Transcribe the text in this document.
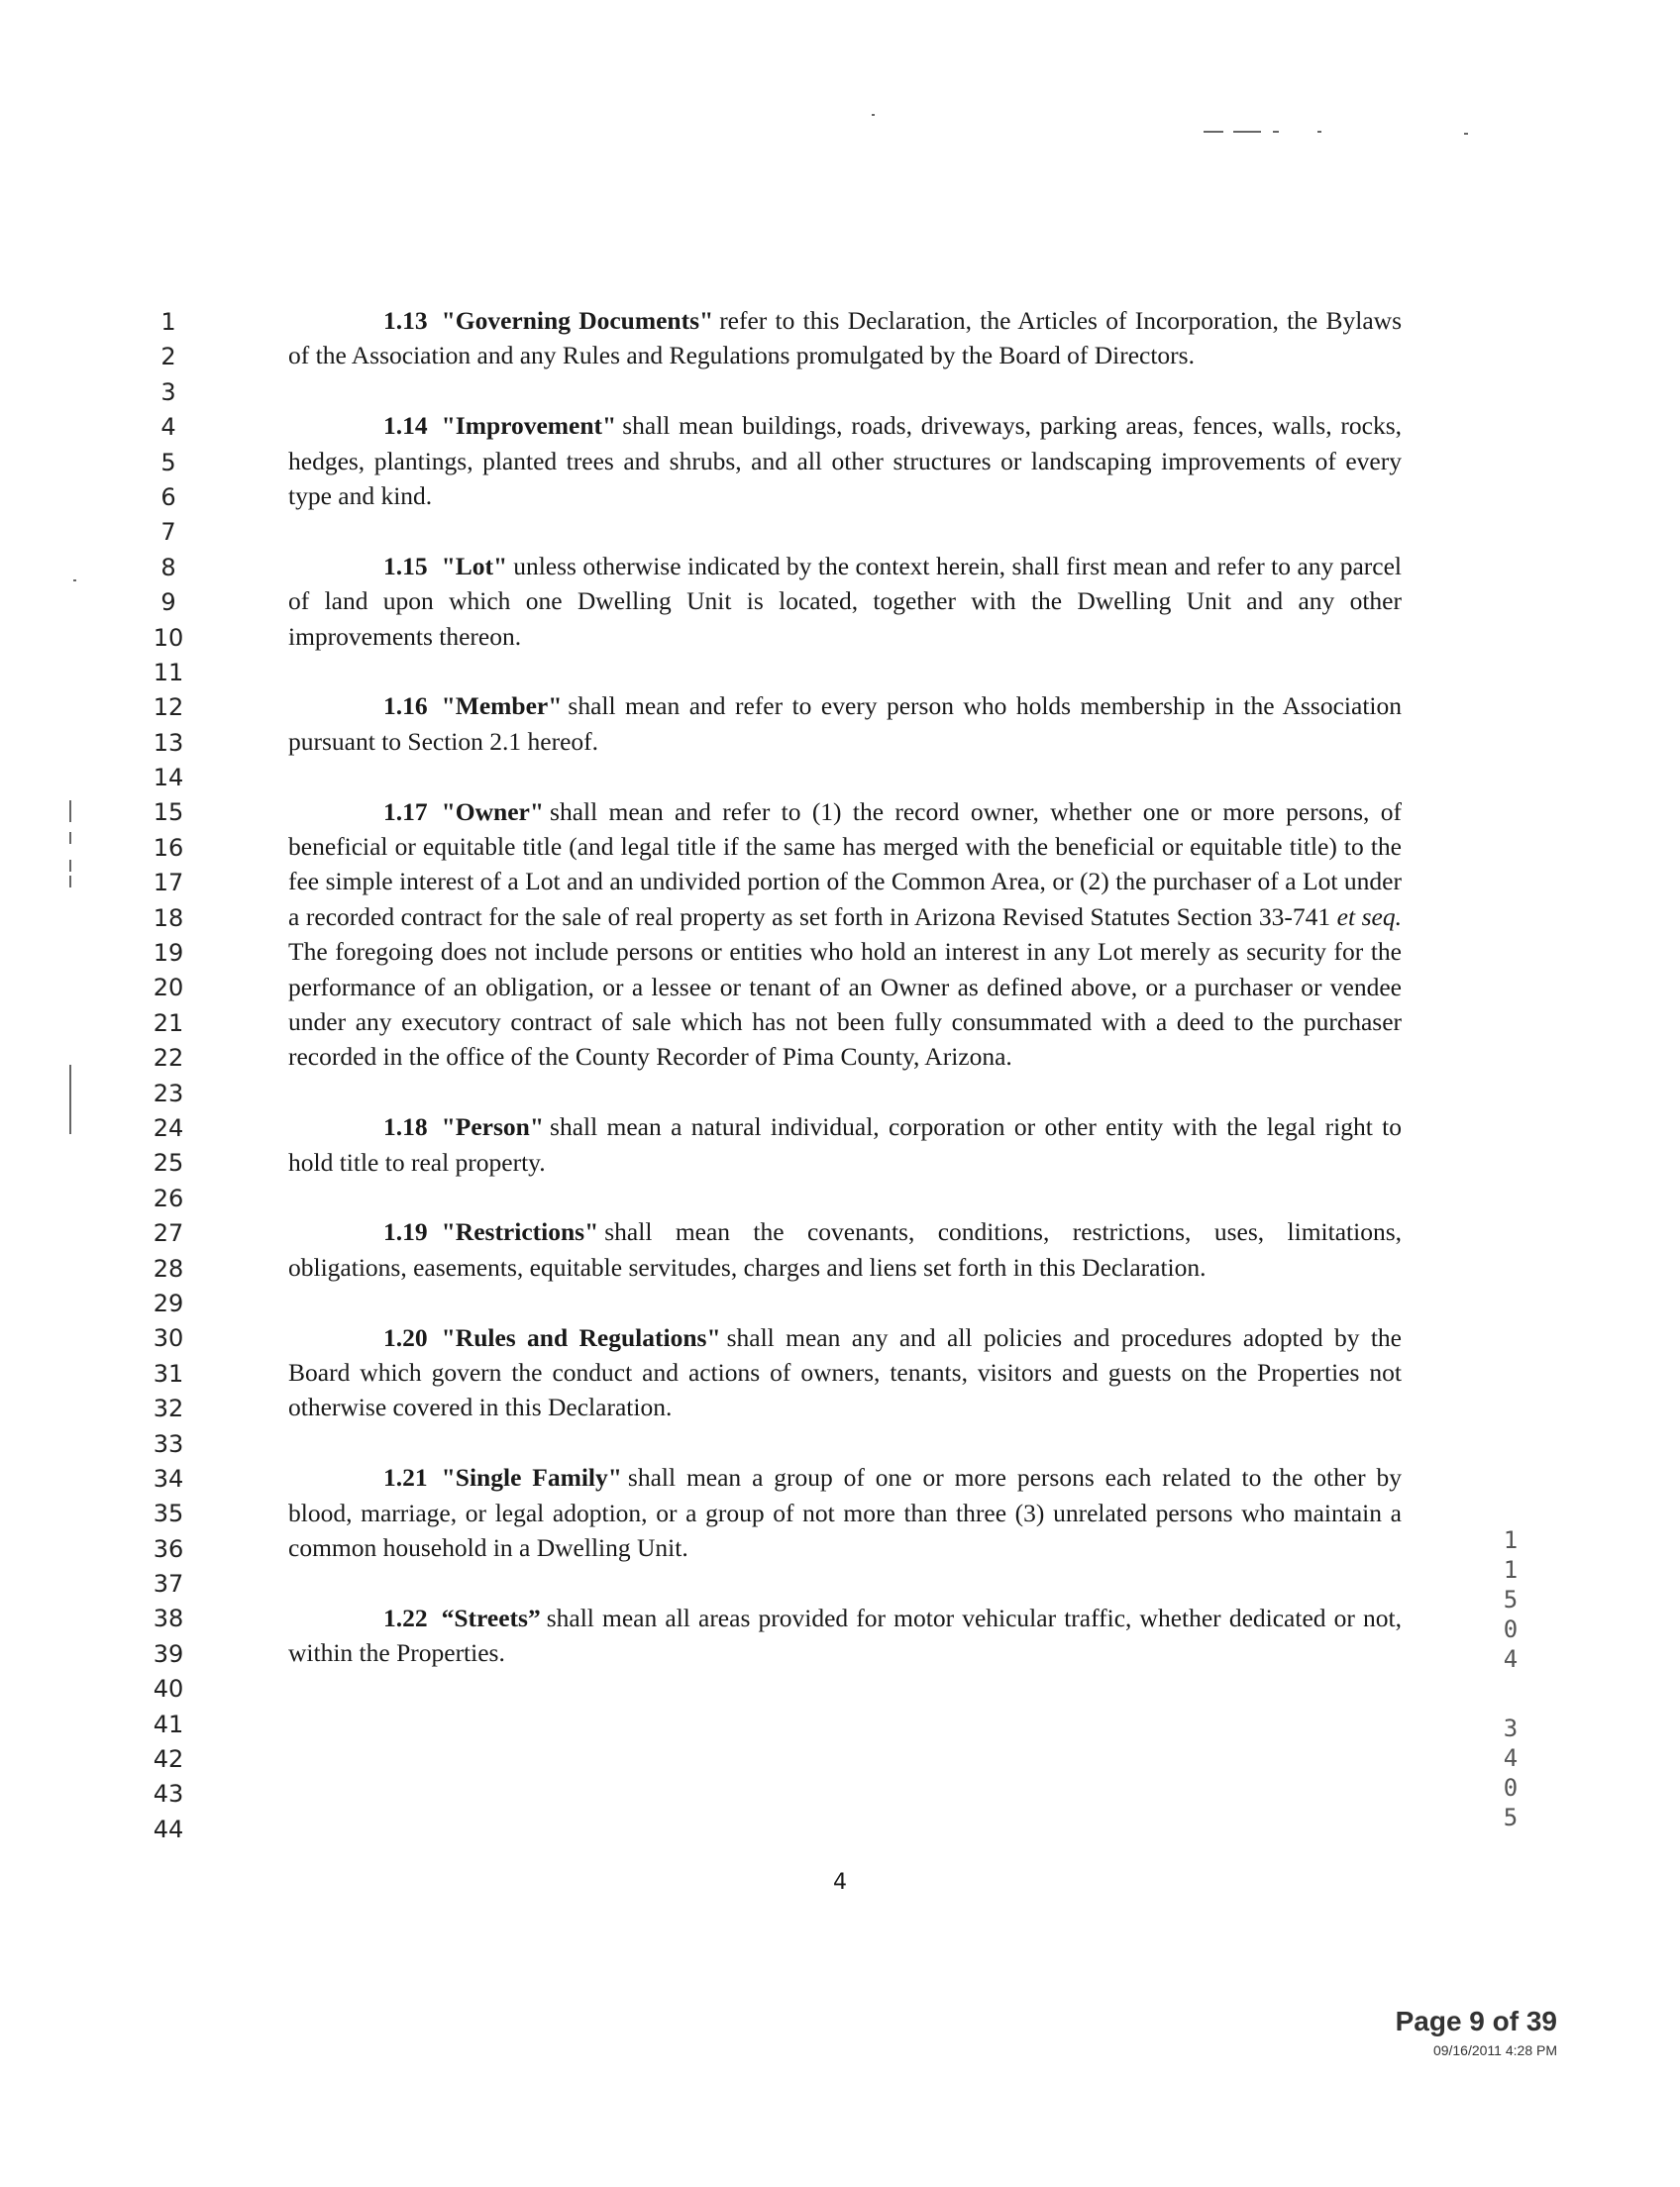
1
2
3
4
5
6
7
8
9
10
11
12
13
14
15
16
17
18
19
20
21
22
23
24
25
26
27
28
29
30
31
32
33
34
35
36
37
38
39
40
41
42
43
44

1.13 "Governing Documents" refer to this Declaration, the Articles of Incorporation, the Bylaws of the Association and any Rules and Regulations promulgated by the Board of Directors.

1.14 "Improvement" shall mean buildings, roads, driveways, parking areas, fences, walls, rocks, hedges, plantings, planted trees and shrubs, and all other structures or landscaping improvements of every type and kind.

1.15 "Lot" unless otherwise indicated by the context herein, shall first mean and refer to any parcel of land upon which one Dwelling Unit is located, together with the Dwelling Unit and any other improvements thereon.

1.16 "Member" shall mean and refer to every person who holds membership in the Association pursuant to Section 2.1 hereof.

1.17 "Owner" shall mean and refer to (1) the record owner, whether one or more persons, of beneficial or equitable title (and legal title if the same has merged with the beneficial or equitable title) to the fee simple interest of a Lot and an undivided portion of the Common Area, or (2) the purchaser of a Lot under a recorded contract for the sale of real property as set forth in Arizona Revised Statutes Section 33-741 et seq. The foregoing does not include persons or entities who hold an interest in any Lot merely as security for the performance of an obligation, or a lessee or tenant of an Owner as defined above, or a purchaser or vendee under any executory contract of sale which has not been fully consummated with a deed to the purchaser recorded in the office of the County Recorder of Pima County, Arizona.

1.18 "Person" shall mean a natural individual, corporation or other entity with the legal right to hold title to real property.

1.19 "Restrictions" shall mean the covenants, conditions, restrictions, uses, limitations, obligations, easements, equitable servitudes, charges and liens set forth in this Declaration.

1.20 "Rules and Regulations" shall mean any and all policies and procedures adopted by the Board which govern the conduct and actions of owners, tenants, visitors and guests on the Properties not otherwise covered in this Declaration.

1.21 "Single Family" shall mean a group of one or more persons each related to the other by blood, marriage, or legal adoption, or a group of not more than three (3) unrelated persons who maintain a common household in a Dwelling Unit.

1.22 “Streets” shall mean all areas provided for motor vehicular traffic, whether dedicated or not, within the Properties.

4
1
1
5
0
4
3
4
0
5
Page 9 of 39
09/16/2011 4:28 PM
